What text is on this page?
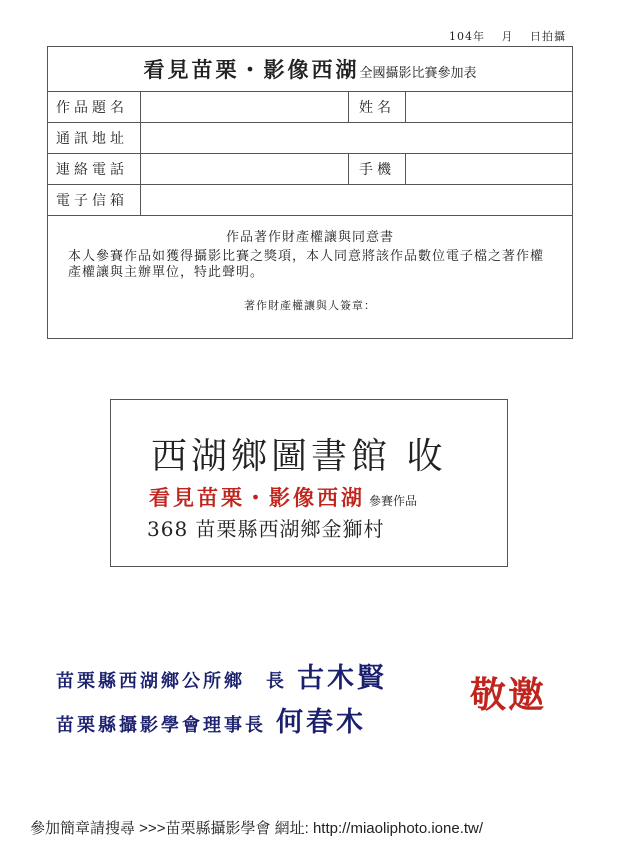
104年　 月　 日拍攝
看見苗栗・影像西湖全國攝影比賽參加表			
作品題名		姓名	
通訊地址			
連絡電話		手機	
電子信箱			

作品著作財產權讓與同意書
本人參賽作品如獲得攝影比賽之獎項，本人同意將該作品數位電子檔之著作權產權讓與主辦單位，特此聲明。
著作財產權讓與人簽章：			
西湖鄉圖書館 收
看見苗栗・影像西湖 參賽作品
368 苗栗縣西湖鄉金獅村
苗栗縣西湖鄉公所鄉　長 古木賢
苗栗縣攝影學會理事長 何春木
敬邀
參加簡章請搜尋 >>>苗栗縣攝影學會 網址: http://miaoliphoto.ione.tw/
